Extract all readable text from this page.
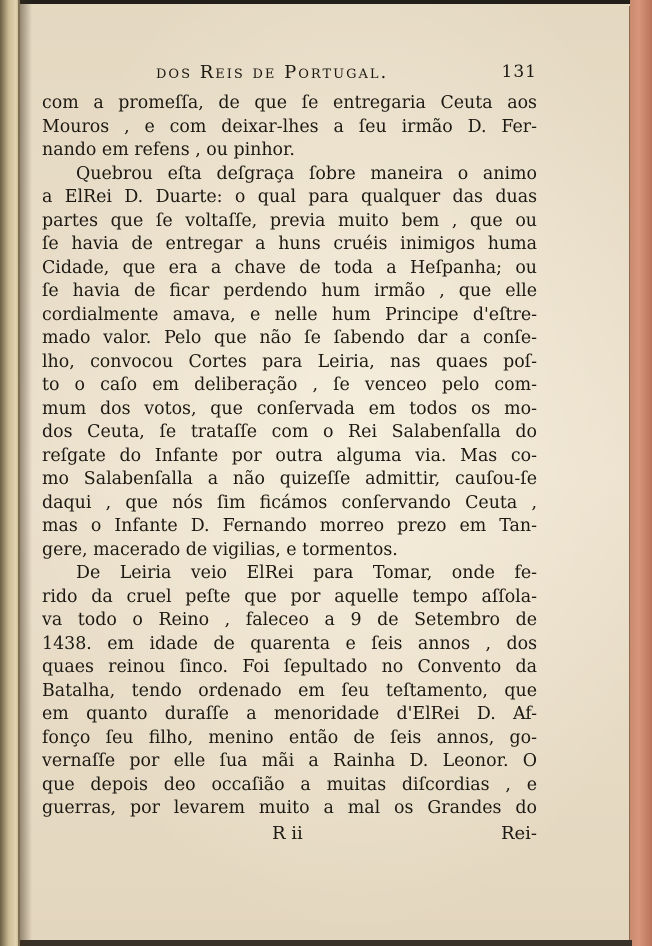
dos Reis de Portugal.	131
com a promeſſa, de que ſe entregaria Ceuta aos
Mouros , e com deixar-lhes a ſeu irmão D. Fer-
nando em refens , ou pinhor.
Quebrou eſta deſgraça ſobre maneira o animo
a ElRei D. Duarte: o qual para qualquer das duas
partes que ſe voltaſſe, previa muito bem , que ou
ſe havia de entregar a huns cruéis inimigos huma
Cidade, que era a chave de toda a Heſpanha; ou
ſe havia de ficar perdendo hum irmão , que elle
cordialmente amava, e nelle hum Principe d'eſtre-
mado valor. Pelo que não ſe ſabendo dar a conſe-
lho, convocou Cortes para Leiria, nas quaes poſ-
to o caſo em deliberação , ſe venceo pelo com-
mum dos votos, que conſervada em todos os mo-
dos Ceuta, ſe trataſſe com o Rei Salabenſalla do
reſgate do Infante por outra alguma via. Mas co-
mo Salabenſalla a não quizeſſe admittir, cauſou-ſe
daqui , que nós ſim ficámos conſervando Ceuta ,
mas o Infante D. Fernando morreo prezo em Tan-
gere, macerado de vigilias, e tormentos.
De Leiria veio ElRei para Tomar, onde fe-
rido da cruel peſte que por aquelle tempo aſſola-
va todo o Reino , faleceo a 9 de Setembro de
1438. em idade de quarenta e ſeis annos , dos
quaes reinou ſinco. Foi ſepultado no Convento da
Batalha, tendo ordenado em ſeu teſtamento, que
em quanto duraſſe a menoridade d'ElRei D. Af-
fonço ſeu filho, menino então de ſeis annos, go-
vernaſſe por elle ſua mãi a Rainha D. Leonor. O
que depois deo occaſião a muitas diſcordias , e
guerras, por levarem muito a mal os Grandes do
R ii	Rei-
